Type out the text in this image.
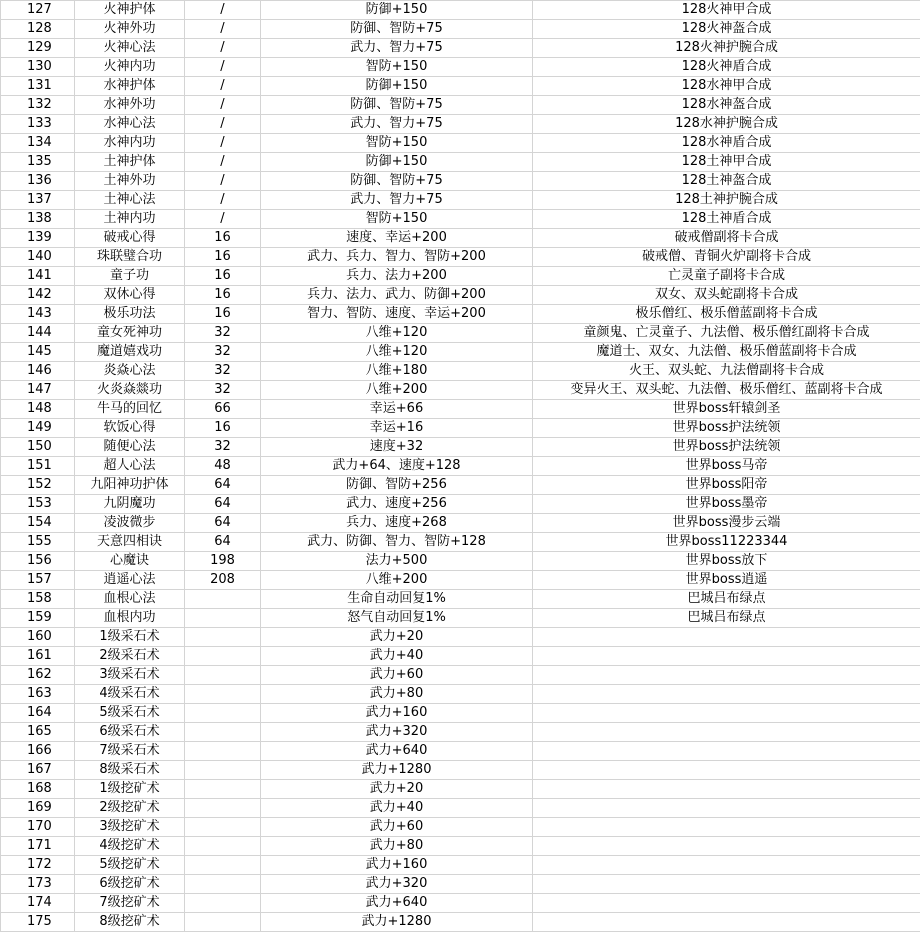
127	火神护体	/	防御+150	128火神甲合成
128	火神外功	/	防御、智防+75	128火神盔合成
129	火神心法	/	武力、智力+75	128火神护腕合成
130	火神内功	/	智防+150	128火神盾合成
131	水神护体	/	防御+150	128水神甲合成
132	水神外功	/	防御、智防+75	128水神盔合成
133	水神心法	/	武力、智力+75	128水神护腕合成
134	水神内功	/	智防+150	128水神盾合成
135	土神护体	/	防御+150	128土神甲合成
136	土神外功	/	防御、智防+75	128土神盔合成
137	土神心法	/	武力、智力+75	128土神护腕合成
138	土神内功	/	智防+150	128土神盾合成
139	破戒心得	16	速度、幸运+200	破戒僧副将卡合成
140	珠联璧合功	16	武力、兵力、智力、智防+200	破戒僧、青铜火炉副将卡合成
141	童子功	16	兵力、法力+200	亡灵童子副将卡合成
142	双休心得	16	兵力、法力、武力、防御+200	双女、双头蛇副将卡合成
143	极乐功法	16	智力、智防、速度、幸运+200	极乐僧红、极乐僧蓝副将卡合成
144	童女死神功	32	八维+120	童颜鬼、亡灵童子、九法僧、极乐僧红副将卡合成
145	魔道嬉戏功	32	八维+120	魔道士、双女、九法僧、极乐僧蓝副将卡合成
146	炎焱心法	32	八维+180	火王、双头蛇、九法僧副将卡合成
147	火炎焱燚功	32	八维+200	变异火王、双头蛇、九法僧、极乐僧红、蓝副将卡合成
148	牛马的回忆	66	幸运+66	世界boss轩辕剑圣
149	软饭心得	16	幸运+16	世界boss护法统领
150	随便心法	32	速度+32	世界boss护法统领
151	超人心法	48	武力+64、速度+128	世界boss马帝
152	九阳神功护体	64	防御、智防+256	世界boss阳帝
153	九阴魔功	64	武力、速度+256	世界boss墨帝
154	凌波微步	64	兵力、速度+268	世界boss漫步云端
155	天意四相诀	64	武力、防御、智力、智防+128	世界boss11223344
156	心魔诀	198	法力+500	世界boss放下
157	逍遥心法	208	八维+200	世界boss逍遥
158	血根心法		生命自动回复1%	巴城吕布绿点
159	血根内功		怒气自动回复1%	巴城吕布绿点
160	1级采石术		武力+20	
161	2级采石术		武力+40	
162	3级采石术		武力+60	
163	4级采石术		武力+80	
164	5级采石术		武力+160	
165	6级采石术		武力+320	
166	7级采石术		武力+640	
167	8级采石术		武力+1280	
168	1级挖矿术		武力+20	
169	2级挖矿术		武力+40	
170	3级挖矿术		武力+60	
171	4级挖矿术		武力+80	
172	5级挖矿术		武力+160	
173	6级挖矿术		武力+320	
174	7级挖矿术		武力+640	
175	8级挖矿术		武力+1280	
